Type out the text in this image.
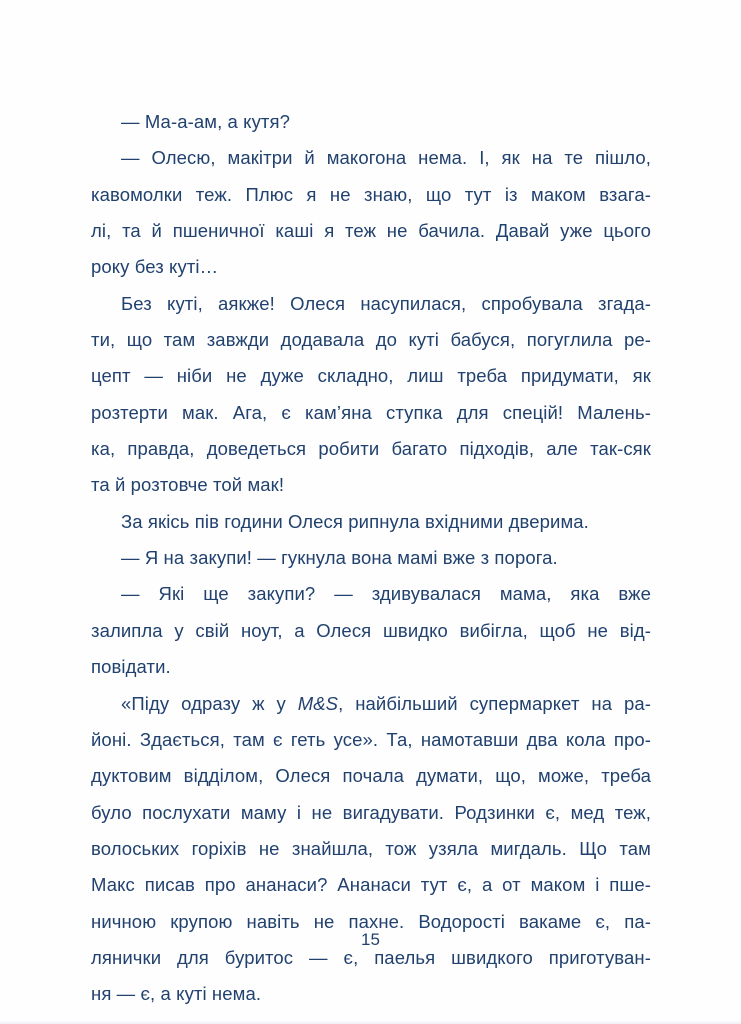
— Ма-а-ам, а кутя?
— Олесю, макітри й макогона нема. І, як на те пішло,
кавомолки теж. Плюс я не знаю, що тут із маком взага-
лі, та й пшеничної каші я теж не бачила. Давай уже цього
року без куті…
Без куті, аякже! Олеся насупилася, спробувала згада-
ти, що там завжди додавала до куті бабуся, погуглила ре-
цепт — ніби не дуже складно, лиш треба придумати, як
розтерти мак. Ага, є кам’яна ступка для спецій! Малень-
ка, правда, доведеться робити багато підходів, але так-сяк
та й розтовче той мак!
За якісь пів години Олеся рипнула вхідними дверима.
— Я на закупи! — гукнула вона мамі вже з порога.
— Які ще закупи? — здивувалася мама, яка вже
залипла у свій ноут, а Олеся швидко вибігла, щоб не від-
повідати.
«Піду одразу ж у M&S, найбільший супермаркет на ра-
йоні. Здається, там є геть усе». Та, намотавши два кола про-
дуктовим відділом, Олеся почала думати, що, може, треба
було послухати маму і не вигадувати. Родзинки є, мед теж,
волоських горіхів не знайшла, тож узяла мигдаль. Що там
Макс писав про ананаси? Ананаси тут є, а от маком і пше-
ничною крупою навіть не пахне. Водорості вакаме є, па-
лянички для буритос — є, паелья швидкого приготуван-
ня — є, а куті нема.
15
